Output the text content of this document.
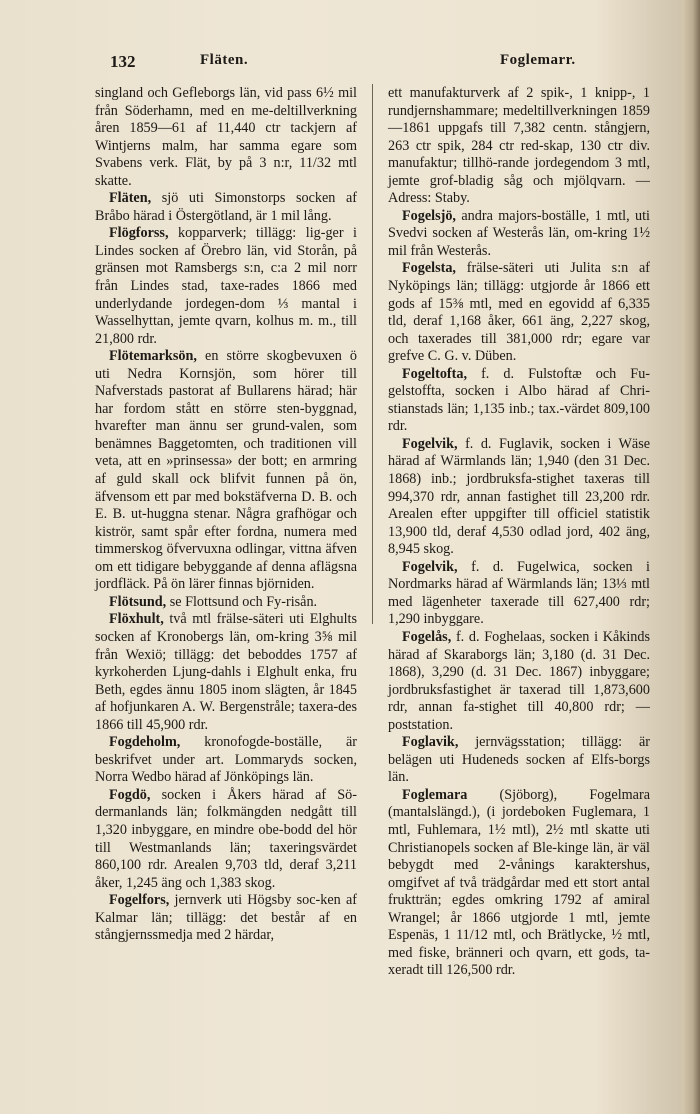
132	Fläten.	Foglemarr.

singland och Gefleborgs län, vid pass 6½ mil från Söderhamn, med en me-deltillverkning åren 1859—61 af 11,440 ctr tackjern af Wintjerns malm, har samma egare som Svabens verk. Flät, by på 3 n:r, 11/32 mtl skatte.

Fläten, sjö uti Simonstorps socken af Bråbo härad i Östergötland, är 1 mil lång.

Flögforss, kopparverk; tillägg: lig-ger i Lindes socken af Örebro län, vid Storån, på gränsen mot Ramsbergs s:n, c:a 2 mil norr från Lindes stad, taxe-rades 1866 med underlydande jordegen-dom ⅓ mantal i Wasselhyttan, jemte qvarn, kolhus m. m., till 21,800 rdr.

Flötemarksön, en större skogbevuxen ö uti Nedra Kornsjön, som hörer till Nafverstads pastorat af Bullarens härad; här har fordom stått en större sten-byggnad, hvarefter man ännu ser grund-valen, som benämnes Baggetomten, och traditionen vill veta, att en »prinsessa» der bott; en armring af guld skall ock blifvit funnen på ön, äfvensom ett par med bokstäfverna D. B. och E. B. ut-huggna stenar. Några grafhögar och kiströr, samt spår efter fordna, numera med timmerskog öfvervuxna odlingar, vittna äfven om ett tidigare bebyggande af denna aflägsna jordfläck. På ön lärer finnas björniden.

Flötsund, se Flottsund och Fy-risån.

Flöxhult, två mtl frälse-säteri uti Elghults socken af Kronobergs län, om-kring 3⅝ mil från Wexiö; tillägg: det beboddes 1757 af kyrkoherden Ljung-dahls i Elghult enka, fru Beth, egdes ännu 1805 inom slägten, år 1845 af hofjunkaren A. W. Bergenstråle; taxera-des 1866 till 45,900 rdr.

Fogdeholm, kronofogde-boställe, är beskrifvet under art. Lommaryds socken, Norra Wedbo härad af Jönköpings län.

Fogdö, socken i Åkers härad af Sö-dermanlands län; folkmängden nedgått till 1,320 inbyggare, en mindre obe-bodd del hör till Westmanlands län; taxeringsvärdet 860,100 rdr. Arealen 9,703 tld, deraf 3,211 åker, 1,245 äng och 1,383 skog.

Fogelfors, jernverk uti Högsby soc-ken af Kalmar län; tillägg: det består af en stångjernssmedja med 2 härdar,

ett manufakturverk af 2 spik-, 1 knipp-, 1 rundjernshammare; medeltillverkningen 1859—1861 uppgafs till 7,382 centn. stångjern, 263 ctr spik, 284 ctr red-skap, 130 ctr div. manufaktur; tillhö-rande jordegendom 3 mtl, jemte grof-bladig såg och mjölqvarn. — Adress: Staby.

Fogelsjö, andra majors-boställe, 1 mtl, uti Svedvi socken af Westerås län, om-kring 1½ mil från Westerås.

Fogelsta, frälse-säteri uti Julita s:n af Nyköpings län; tillägg: utgjorde år 1866 ett gods af 15⅜ mtl, med en egovidd af 6,335 tld, deraf 1,168 åker, 661 äng, 2,227 skog, och taxerades till 381,000 rdr; egare var grefve C. G. v. Düben.

Fogeltofta, f. d. Fulstoftæ och Fu-gelstoffta, socken i Albo härad af Chri-stianstads län; 1,135 inb.; tax.-värdet 809,100 rdr.

Fogelvik, f. d. Fuglavik, socken i Wäse härad af Wärmlands län; 1,940 (den 31 Dec. 1868) inb.; jordbruksfa-stighet taxeras till 994,370 rdr, annan fastighet till 23,200 rdr. Arealen efter uppgifter till officiel statistik 13,900 tld, deraf 4,530 odlad jord, 402 äng, 8,945 skog.

Fogelvik, f. d. Fugelwica, socken i Nordmarks härad af Wärmlands län; 13⅓ mtl med lägenheter taxerade till 627,400 rdr; 1,290 inbyggare.

Fogelås, f. d. Foghelaas, socken i Kåkinds härad af Skaraborgs län; 3,180 (d. 31 Dec. 1868), 3,290 (d. 31 Dec. 1867) inbyggare; jordbruksfastighet är taxerad till 1,873,600 rdr, annan fa-stighet till 40,800 rdr; — poststation.

Foglavik, jernvägsstation; tillägg: är belägen uti Hudeneds socken af Elfs-borgs län.

Foglemara (Sjöborg), Fogelmara (mantalslängd.), (i jordeboken Fuglemara, 1 mtl, Fuhlemara, 1½ mtl), 2½ mtl skatte uti Christianopels socken af Ble-kinge län, är väl bebygdt med 2-vånings karaktershus, omgifvet af två trädgårdar med ett stort antal fruktträn; egdes omkring 1792 af amiral Wrangel; år 1866 utgjorde 1 mtl, jemte Espenäs, 1 11/12 mtl, och Brätlycke, ½ mtl, med fiske, bränneri och qvarn, ett gods, ta-xeradt till 126,500 rdr.
